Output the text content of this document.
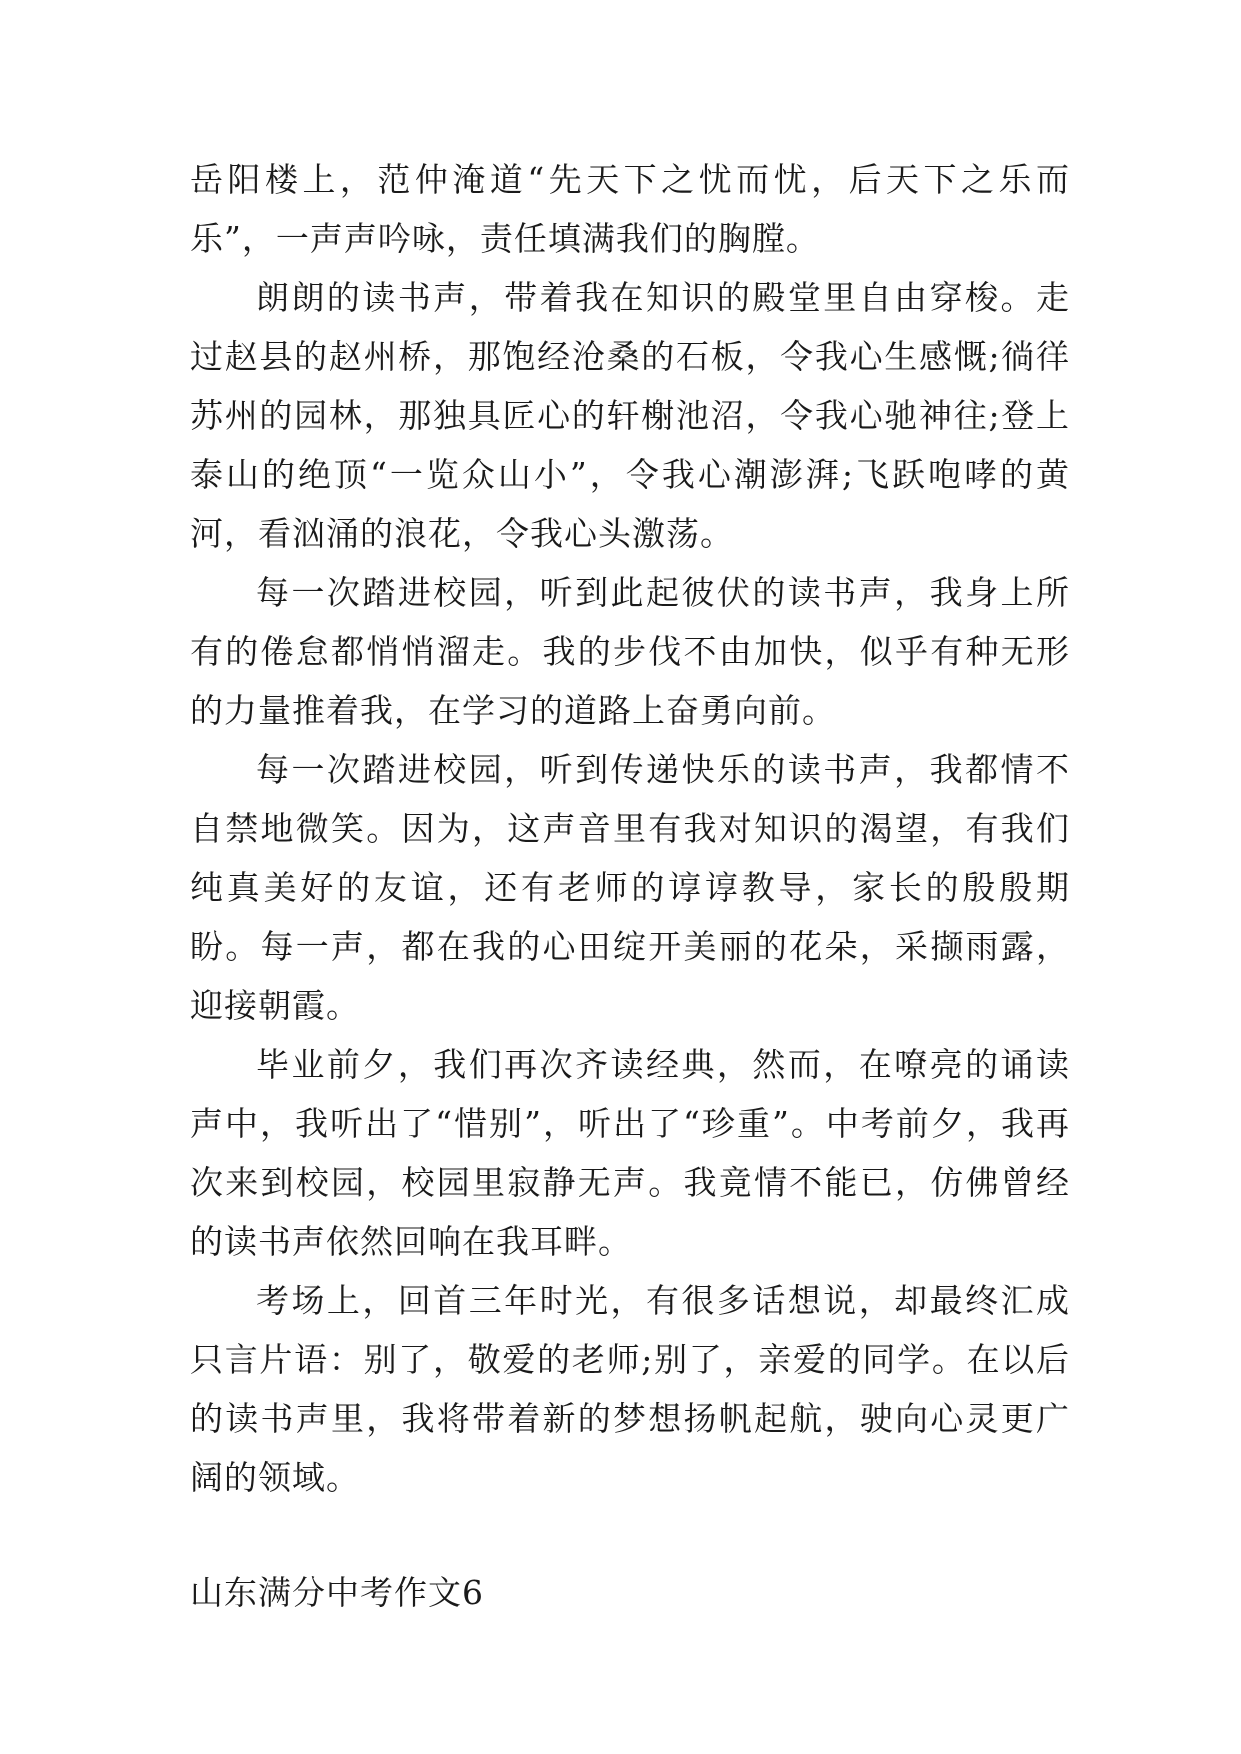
岳阳楼上，范仲淹道“先天下之忧而忧，后天下之乐而乐”，一声声吟咏，责任填满我们的胸膛。

朗朗的读书声，带着我在知识的殿堂里自由穿梭。走过赵县的赵州桥，那饱经沧桑的石板，令我心生感慨;徜徉苏州的园林，那独具匠心的轩榭池沼，令我心驰神往;登上泰山的绝顶“一览众山小”，令我心潮澎湃;飞跃咆哮的黄河，看汹涌的浪花，令我心头激荡。

每一次踏进校园，听到此起彼伏的读书声，我身上所有的倦怠都悄悄溜走。我的步伐不由加快，似乎有种无形的力量推着我，在学习的道路上奋勇向前。

每一次踏进校园，听到传递快乐的读书声，我都情不自禁地微笑。因为，这声音里有我对知识的渴望，有我们纯真美好的友谊，还有老师的谆谆教导，家长的殷殷期盼。每一声，都在我的心田绽开美丽的花朵，采撷雨露，迎接朝霞。

毕业前夕，我们再次齐读经典，然而，在嘹亮的诵读声中，我听出了“惜别”，听出了“珍重”。中考前夕，我再次来到校园，校园里寂静无声。我竟情不能已，仿佛曾经的读书声依然回响在我耳畔。

考场上，回首三年时光，有很多话想说，却最终汇成只言片语：别了，敬爱的老师;别了，亲爱的同学。在以后的读书声里，我将带着新的梦想扬帆起航，驶向心灵更广阔的领域。

山东满分中考作文6
